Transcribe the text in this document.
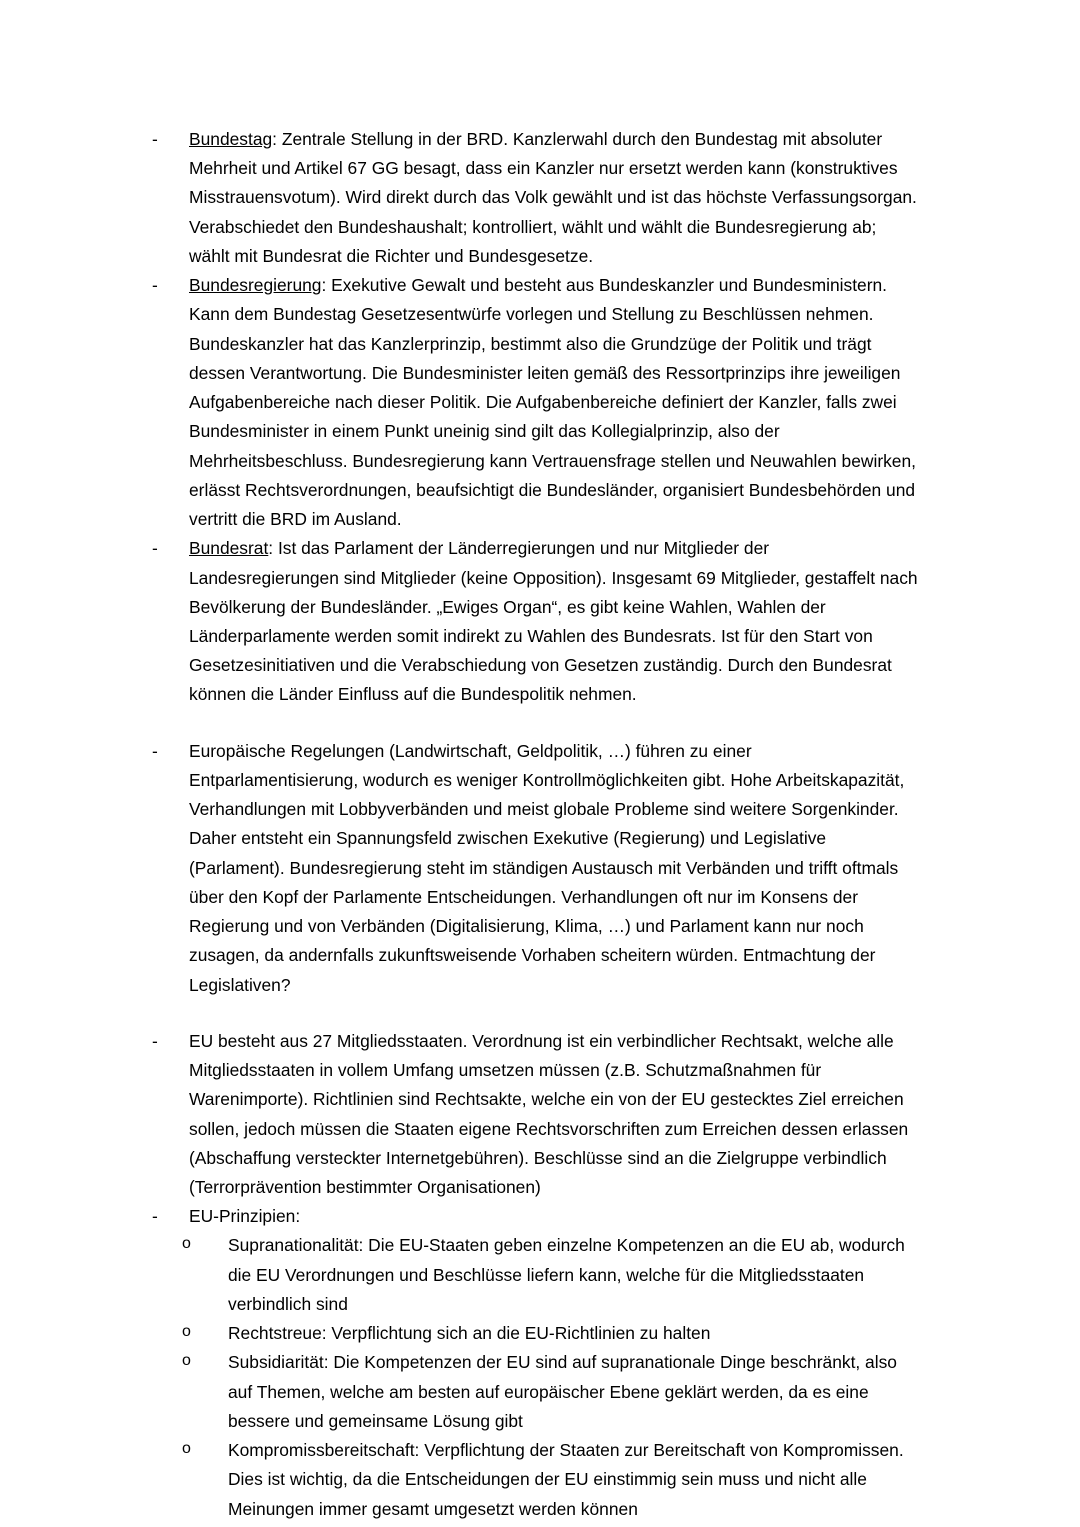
-	Bundestag: Zentrale Stellung in der BRD. Kanzlerwahl durch den Bundestag mit absoluter Mehrheit und Artikel 67 GG besagt, dass ein Kanzler nur ersetzt werden kann (konstruktives Misstrauensvotum). Wird direkt durch das Volk gewählt und ist das höchste Verfassungsorgan. Verabschiedet den Bundeshaushalt; kontrolliert, wählt und wählt die Bundesregierung ab; wählt mit Bundesrat die Richter und Bundesgesetze.
-	Bundesregierung: Exekutive Gewalt und besteht aus Bundeskanzler und Bundesministern. Kann dem Bundestag Gesetzesentwürfe vorlegen und Stellung zu Beschlüssen nehmen. Bundeskanzler hat das Kanzlerprinzip, bestimmt also die Grundzüge der Politik und trägt dessen Verantwortung. Die Bundesminister leiten gemäß des Ressortprinzips ihre jeweiligen Aufgabenbereiche nach dieser Politik. Die Aufgabenbereiche definiert der Kanzler, falls zwei Bundesminister in einem Punkt uneinig sind gilt das Kollegialprinzip, also der Mehrheitsbeschluss. Bundesregierung kann Vertrauensfrage stellen und Neuwahlen bewirken, erlässt Rechtsverordnungen, beaufsichtigt die Bundesländer, organisiert Bundesbehörden und vertritt die BRD im Ausland.
-	Bundesrat: Ist das Parlament der Länderregierungen und nur Mitglieder der Landesregierungen sind Mitglieder (keine Opposition). Insgesamt 69 Mitglieder, gestaffelt nach Bevölkerung der Bundesländer. „Ewiges Organ“, es gibt keine Wahlen, Wahlen der Länderparlamente werden somit indirekt zu Wahlen des Bundesrats. Ist für den Start von Gesetzesinitiativen und die Verabschiedung von Gesetzen zuständig. Durch den Bundesrat können die Länder Einfluss auf die Bundespolitik nehmen.
-	Europäische Regelungen (Landwirtschaft, Geldpolitik, …) führen zu einer Entparlamentisierung, wodurch es weniger Kontrollmöglichkeiten gibt. Hohe Arbeitskapazität, Verhandlungen mit Lobbyverbänden und meist globale Probleme sind weitere Sorgenkinder. Daher entsteht ein Spannungsfeld zwischen Exekutive (Regierung) und Legislative (Parlament). Bundesregierung steht im ständigen Austausch mit Verbänden und trifft oftmals über den Kopf der Parlamente Entscheidungen. Verhandlungen oft nur im Konsens der Regierung und von Verbänden (Digitalisierung, Klima, …) und Parlament kann nur noch zusagen, da andernfalls zukunftsweisende Vorhaben scheitern würden. Entmachtung der Legislativen?
-	EU besteht aus 27 Mitgliedsstaaten. Verordnung ist ein verbindlicher Rechtsakt, welche alle Mitgliedsstaaten in vollem Umfang umsetzen müssen (z.B. Schutzmaßnahmen für Warenimporte). Richtlinien sind Rechtsakte, welche ein von der EU gestecktes Ziel erreichen sollen, jedoch müssen die Staaten eigene Rechtsvorschriften zum Erreichen dessen erlassen (Abschaffung versteckter Internetgebühren). Beschlüsse sind an die Zielgruppe verbindlich (Terrorprävention bestimmter Organisationen)
-	EU-Prinzipien:
o Supranationalität: Die EU-Staaten geben einzelne Kompetenzen an die EU ab, wodurch die EU Verordnungen und Beschlüsse liefern kann, welche für die Mitgliedsstaaten verbindlich sind
o Rechtstreue: Verpflichtung sich an die EU-Richtlinien zu halten
o Subsidiarität: Die Kompetenzen der EU sind auf supranationale Dinge beschränkt, also auf Themen, welche am besten auf europäischer Ebene geklärt werden, da es eine bessere und gemeinsame Lösung gibt
o Kompromissbereitschaft: Verpflichtung der Staaten zur Bereitschaft von Kompromissen. Dies ist wichtig, da die Entscheidungen der EU einstimmig sein muss und nicht alle Meinungen immer gesamt umgesetzt werden können
